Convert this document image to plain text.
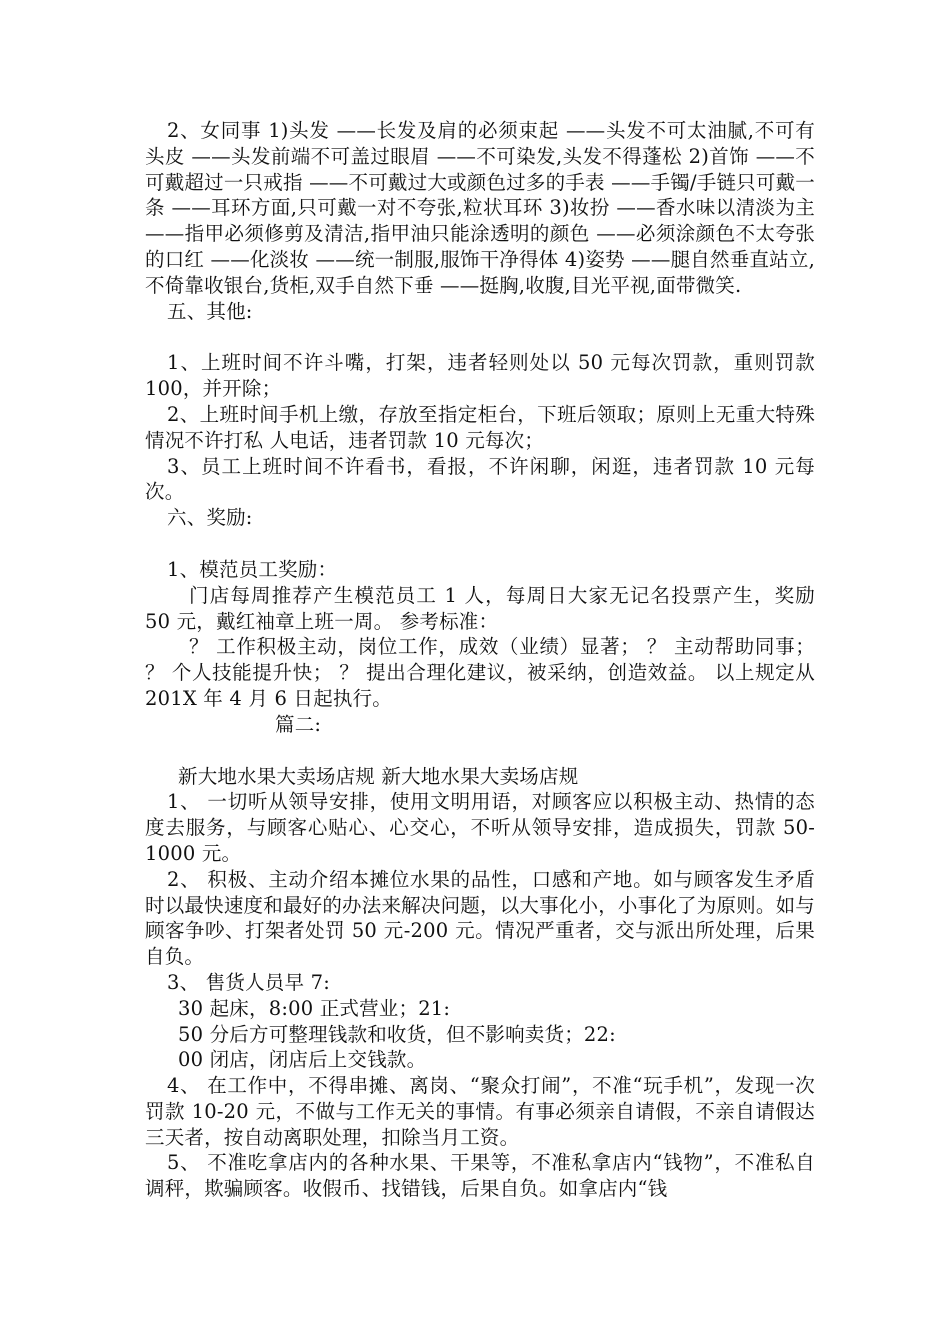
2、女同事 1)头发 ——长发及肩的必须束起 ——头发不可太油腻,不可有头皮 ——头发前端不可盖过眼眉 ——不可染发,头发不得蓬松 2)首饰 ——不可戴超过一只戒指 ——不可戴过大或颜色过多的手表 ——手镯/手链只可戴一条 ——耳环方面,只可戴一对不夸张,粒状耳环 3)妆扮 ——香水味以清淡为主 ——指甲必须修剪及清洁,指甲油只能涂透明的颜色 ——必须涂颜色不太夸张的口红 ——化淡妆 ——统一制服,服饰干净得体 4)姿势 ——腿自然垂直站立,不倚靠收银台,货柜,双手自然下垂 ——挺胸,收腹,目光平视,面带微笑.

五、其他:

1、上班时间不许斗嘴，打架，违者轻则处以 50 元每次罚款，重则罚款 100，并开除；

2、上班时间手机上缴，存放至指定柜台，下班后领取；原则上无重大特殊情况不许打私 人电话，违者罚款 10 元每次；

3、员工上班时间不许看书，看报，不许闲聊，闲逛，违者罚款 10 元每次。

六、奖励:

1、模范员工奖励：

门店每周推荐产生模范员工 1 人，每周日大家无记名投票产生，奖励 50 元，戴红袖章上班一周。 参考标准：

？ 工作积极主动，岗位工作，成效（业绩）显著； ？ 主动帮助同事； ？ 个人技能提升快； ？ 提出合理化建议，被采纳，创造效益。 以上规定从 201X 年 4 月 6 日起执行。

篇二:

新大地水果大卖场店规 新大地水果大卖场店规

1、 一切听从领导安排，使用文明用语，对顾客应以积极主动、热情的态度去服务，与顾客心贴心、心交心，不听从领导安排，造成损失，罚款 50-1000 元。

2、 积极、主动介绍本摊位水果的品性，口感和产地。如与顾客发生矛盾时以最快速度和最好的办法来解决问题，以大事化小，小事化了为原则。如与顾客争吵、打架者处罚 50 元-200 元。情况严重者，交与派出所处理，后果自负。

3、 售货人员早 7:

30 起床，8:00 正式营业；21:

50 分后方可整理钱款和收货，但不影响卖货；22:

00 闭店，闭店后上交钱款。

4、 在工作中，不得串摊、离岗、“聚众打闹”，不准“玩手机”，发现一次罚款 10-20 元，不做与工作无关的事情。有事必须亲自请假，不亲自请假达三天者，按自动离职处理，扣除当月工资。

5、 不准吃拿店内的各种水果、干果等，不准私拿店内“钱物”，不准私自调秤，欺骗顾客。收假币、找错钱，后果自负。如拿店内“钱
